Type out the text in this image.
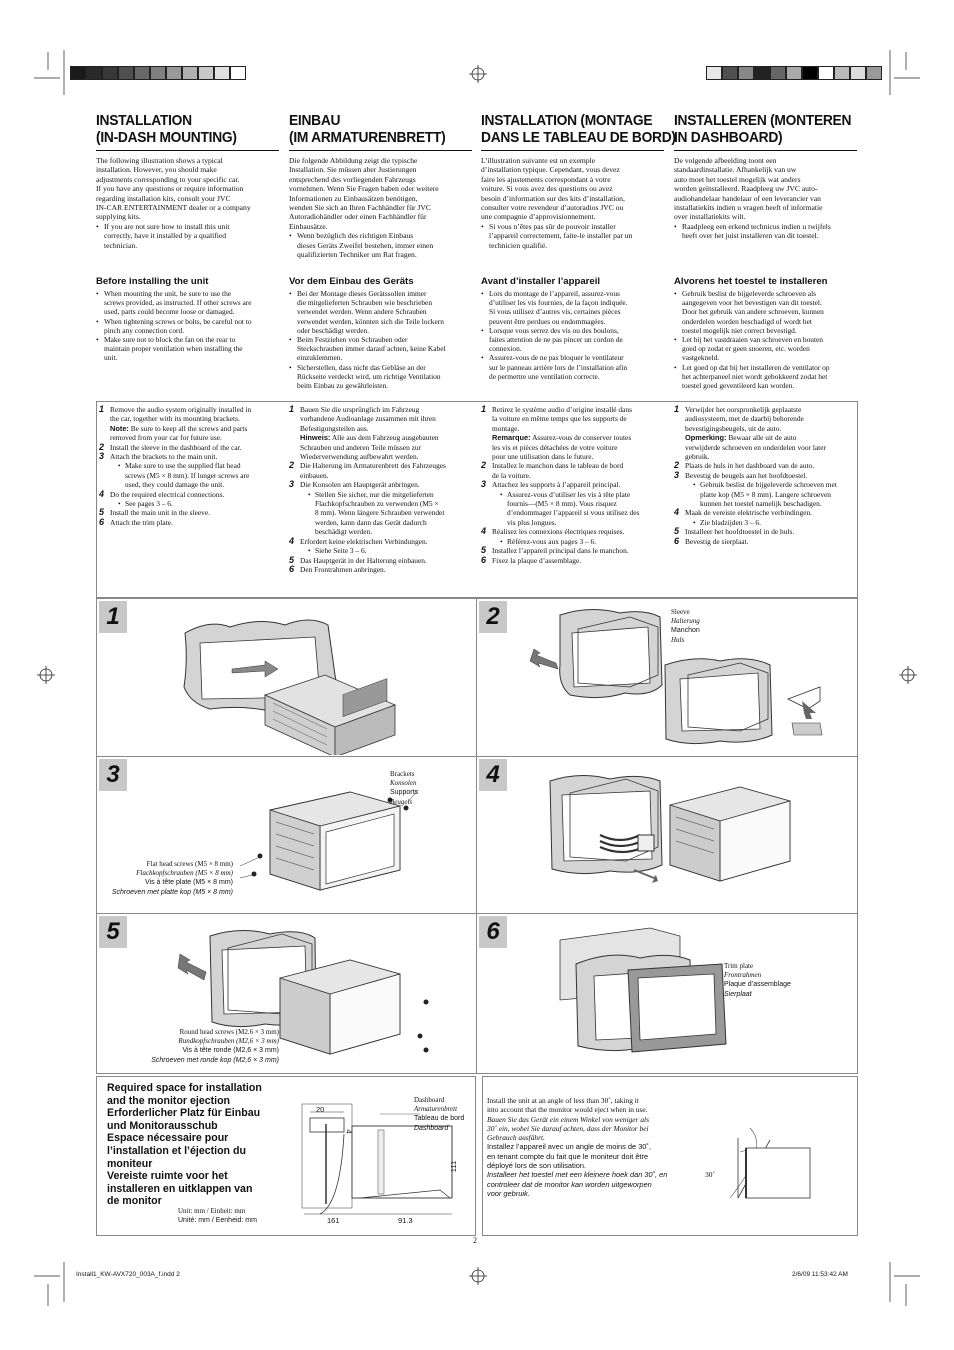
INSTALLATION
(IN-DASH MOUNTING)
The following illustration shows a typical
installation. However, you should make
adjustments corresponding to your specific car.
If you have any questions or require information
regarding installation kits, consult your JVC
IN-CAR ENTERTAINMENT dealer or a company
supplying kits.
• If you are not sure how to install this unit
correctly, have it installed by a qualified
technician.
Before installing the unit
• When mounting the unit, be sure to use the
screws provided, as instructed. If other screws are
used, parts could become loose or damaged.
• When tightening screws or bolts, be careful not to
pinch any connection cord.
• Make sure not to block the fan on the rear to
maintain proper ventilation when installing the
unit.
EINBAU
(IM ARMATURENBRETT)
Die folgende Abbildung zeigt die typische
Installation. Sie müssen aber Justierungen
entsprechend des vorliegenden Fahrzeugs
vornehmen. Wenn Sie Fragen haben oder weitere
Informationen zu Einbausätzen benötigen,
wenden Sie sich an Ihren Fachhändler für JVC
Autoradiohändler oder einen Fachhändler für
Einbausätze.
• Wenn bezüglich des richtigen Einbaus
dieses Geräts Zweifel bestehen, immer einen
qualifizierten Techniker um Rat fragen.
Vor dem Einbau des Geräts
• Bei der Montage dieses Gerätssollen immer
die mitgelieferten Schrauben wie beschrieben
verwendet werden. Wenn andere Schrauben
verwendet werden, könnten sich die Teile lockern
oder beschädigt werden.
• Beim Festziehen von Schrauben oder
Steckschrauben immer darauf achten, keine Kabel
einzuklemmen.
• Sicherstellen, dass nicht das Gebläse an der
Rückseite verdeckt wird, um richtige Ventilation
beim Einbau zu gewährleisten.
INSTALLATION (MONTAGE
DANS LE TABLEAU DE BORD)
L’illustration suivante est un exemple
d’installation typique. Cependant, vous devez
faire les ajustements correspondant à votre
voiture. Si vous avez des questions ou avez
besoin d’information sur des kits d’installation,
consulter votre revendeur d’autoradios JVC ou
une compagnie d’approvisionnement.
• Si vous n’êtes pas sûr de pouvoir installer
l’appareil correctement, faite-le installer par un
technicien qualifié.
Avant d’installer l’appareil
• Lors du montage de l’appareil, assurez-vous
d’utiliser les vis fournies, de la façon indiquée.
Si vous utilisez d’autres vis, certaines pièces
peuvent être perdues ou endommagées.
• Lorsque vous serrez des vis ou des boulons,
faites attention de ne pas pincer un cordon de
connexion.
• Assurez-vous de ne pas bloquer le ventilateur
sur le panneau arrière lors de l’installation afin
de permettre une ventilation correcte.
INSTALLEREN (MONTEREN
IN DASHBOARD)
De volgende afbeelding toont een
standaardinstallatie. Afhankelijk van uw
auto moet het toestel mogelijk wat anders
worden geïnstalleerd. Raadpleeg uw JVC auto-
audiohandelaar handelaar of een leverancier van
installatiekits indien u vragen heeft of informatie
over installatiekits wilt.
• Raadpleeg een erkend technicus indien u twijfels
heeft over het juist installeren van dit toestel.
Alvorens het toestel te installeren
• Gebruik beslist de bijgeleverde schroeven als
aangegeven voor het bevestigen van dit toestel.
Door het gebruik van andere schroeven, kunnen
onderdelen worden beschadigd of wordt het
toestel mogelijk niet correct bevestigd.
• Let bij het vastdraaien van schroeven en bouten
goed op zodat er geen snoeren, etc. worden
vastgekneld.
• Let goed op dat bij het installeren de ventilator op
het achterpaneel niet wordt gebokkeerd zodat het
toestel goed geventileerd kan worden.
1 Remove the audio system originally installed in
the car, together with its mounting brackets.
Note: Be sure to keep all the screws and parts
removed from your car for future use.
2 Install the sleeve in the dashboard of the car.
3 Attach the brackets to the main unit.
• Make sure to use the supplied flat head
screws (M5 × 8 mm). If longer screws are
used, they could damage the unit.
4 Do the required electrical connections.
• See pages 3 – 6.
5 Install the main unit in the sleeve.
6 Attach the trim plate.
1 Bauen Sie die ursprünglich im Fahrzeug
vorhandene Audioanlage zusammen mit ihren
Befestigungsteilen aus.
Hinweis: Alle aus dem Fahrzeug ausgebauten
Schrauben und anderen Teile müssen zur
Wiederverwendung aufbewahrt werden.
2 Die Halterung im Armaturenbrett des Fahrzeuges
einbauen.
3 Die Konsolen am Hauptgerät anbringen.
• Stellen Sie sicher, nur die mitgelieferten
Flachkopfschrauben zu verwenden (M5 ×
8 mm). Wenn längere Schrauben verwendet
werden, kann dann das Gerät dadurch
beschädigt werden.
4 Erfordert keine elektrischen Verbindungen.
• Siehe Seite 3 – 6.
5 Das Hauptgerät in der Halterung einbauen.
6 Den Frontrahmen anbringen.
1 Retirez le système audio d’origine installé dans
la voiture en même temps que les supports de
montage.
Remarque: Assurez-vous de conserver toutes
les vis et pièces détachées de votre voiture
pour une utilisation dans le future.
2 Installez le manchon dans le tableau de bord
de la voiture.
3 Attachez les supports à l’appareil principal.
• Assurez-vous d’utiliser les vis à tête plate
fournis—(M5 × 8 mm). Vous risquez
d’endommager l’appareil si vous utilisez des
vis plus longues.
4 Réalisez les connexions électriques requises.
• Référez-vous aux pages 3 – 6.
5 Installez l’appareil principal dans le manchon.
6 Fixez la plaque d’assemblage.
1 Verwijder het oorspronkelijk geplaatste
audiosysteem, met de daarbij behorende
bevestigingsbeugels, uit de auto.
Opmerking: Bewaar alle uit de auto
verwijderde schroeven en onderdelen voor later
gebruik.
2 Plaats de huls in het dashboard van de auto.
3 Bevestig de beugels aan het hoofdtoestel.
• Gebruik beslist de bijgeleverde schroeven met
platte kop (M5 × 8 mm). Langere schroeven
kunnen het toestel namelijk beschadigen.
4 Maak de vereiste elektrische verbindingen.
• Zie bladzijden 3 – 6.
5 Installeer het hoofdtoestel in de huls.
6 Bevestig de sierplaat.
1	2
3	4
5	6
Sleeve
Halterung
Manchon
Huls
Brackets
Konsolen
Supports
Beugels
Flat head screws (M5 × 8 mm)
Flachkopfschrauben (M5 × 8 mm)
Vis à tête plate (M5 × 8 mm)
Schroeven met platte kop (M5 × 8 mm)
Round head screws (M2.6 × 3 mm)
Rundkopfschrauben (M2,6 × 3 mm)
Vis à tête ronde (M2,6 × 3 mm)
Schroeven met ronde kop (M2,6 × 3 mm)
Trim plate
Frontrahmen
Plaque d’assemblage
Sierplaat
Required space for installation
and the monitor ejection
Erforderlicher Platz für Einbau
und Monitorausschub
Espace nécessaire pour
l’installation et l’éjection du
moniteur
Vereiste ruimte voor het
installeren en uitklappen van
de monitor
20
4
111
161	91.3
Dashboard
Armaturenbrett
Tableau de bord
Dashboard
Unit: mm / Einheit: mm
Unité: mm / Eenheid: mm
Install the unit at an angle of less than 30˚, taking it
into account that the monitor would eject when in use.
Bauen Sie das Gerät ein einem Winkel von weniger als
30˚ ein, wobei Sie darauf achten, dass der Monitor bei
Gebrauch ausfährt.
Installez l’appareil avec un angle de moins de 30˚,
en tenant compte du fait que le moniteur doit être
déployé lors de son utilisation.
Installeer het toestel met een kleinere hoek dan 30˚, en
controleer dat de monitor kan worden uitgeworpen
voor gebruik.
30˚
2
Install1_KW-AVX720_003A_f.indd 2	2/6/09 11:53:42 AM
